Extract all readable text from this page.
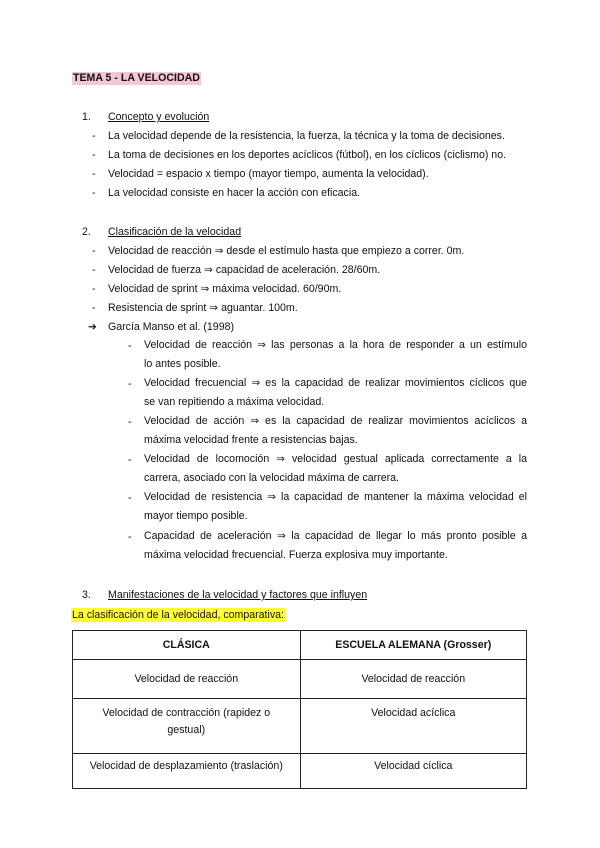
TEMA 5 - LA VELOCIDAD
1. Concepto y evolución
- La velocidad depende de la resistencia, la fuerza, la técnica y la toma de decisiones.
- La toma de decisiones en los deportes acíclicos (fútbol), en los cíclicos (ciclismo) no.
- Velocidad = espacio x tiempo (mayor tiempo, aumenta la velocidad).
- La velocidad consiste en hacer la acción con eficacia.
2. Clasificación de la velocidad
- Velocidad de reacción ⇒ desde el estímulo hasta que empiezo a correr. 0m.
- Velocidad de fuerza ⇒ capacidad de aceleración. 28/60m.
- Velocidad de sprint ⇒ máxima velocidad. 60/90m.
- Resistencia de sprint ⇒ aguantar. 100m.
➔ García Manso et al. (1998)
- Velocidad de reacción ⇒ las personas a la hora de responder a un estímulo
lo antes posible.
- Velocidad frecuencial ⇒ es la capacidad de realizar movimientos cíclicos que
se van repitiendo a máxima velocidad.
- Velocidad de acción ⇒ es la capacidad de realizar movimientos acíclicos a
máxima velocidad frente a resistencias bajas.
- Velocidad de locomoción ⇒ velocidad gestual aplicada correctamente a la
carrera, asociado con la velocidad máxima de carrera.
- Velocidad de resistencia ⇒ la capacidad de mantener la máxima velocidad el
mayor tiempo posible.
- Capacidad de aceleración ⇒ la capacidad de llegar lo más pronto posible a
máxima velocidad frecuencial. Fuerza explosiva muy importante.
3. Manifestaciones de la velocidad y factores que influyen
La clasificación de la velocidad, comparativa:
CLÁSICA	ESCUELA ALEMANA (Grosser)
Velocidad de reacción	Velocidad de reacción
Velocidad de contracción (rapidez o gestual)	Velocidad acíclica
Velocidad de desplazamiento (traslación)	Velocidad cíclica
